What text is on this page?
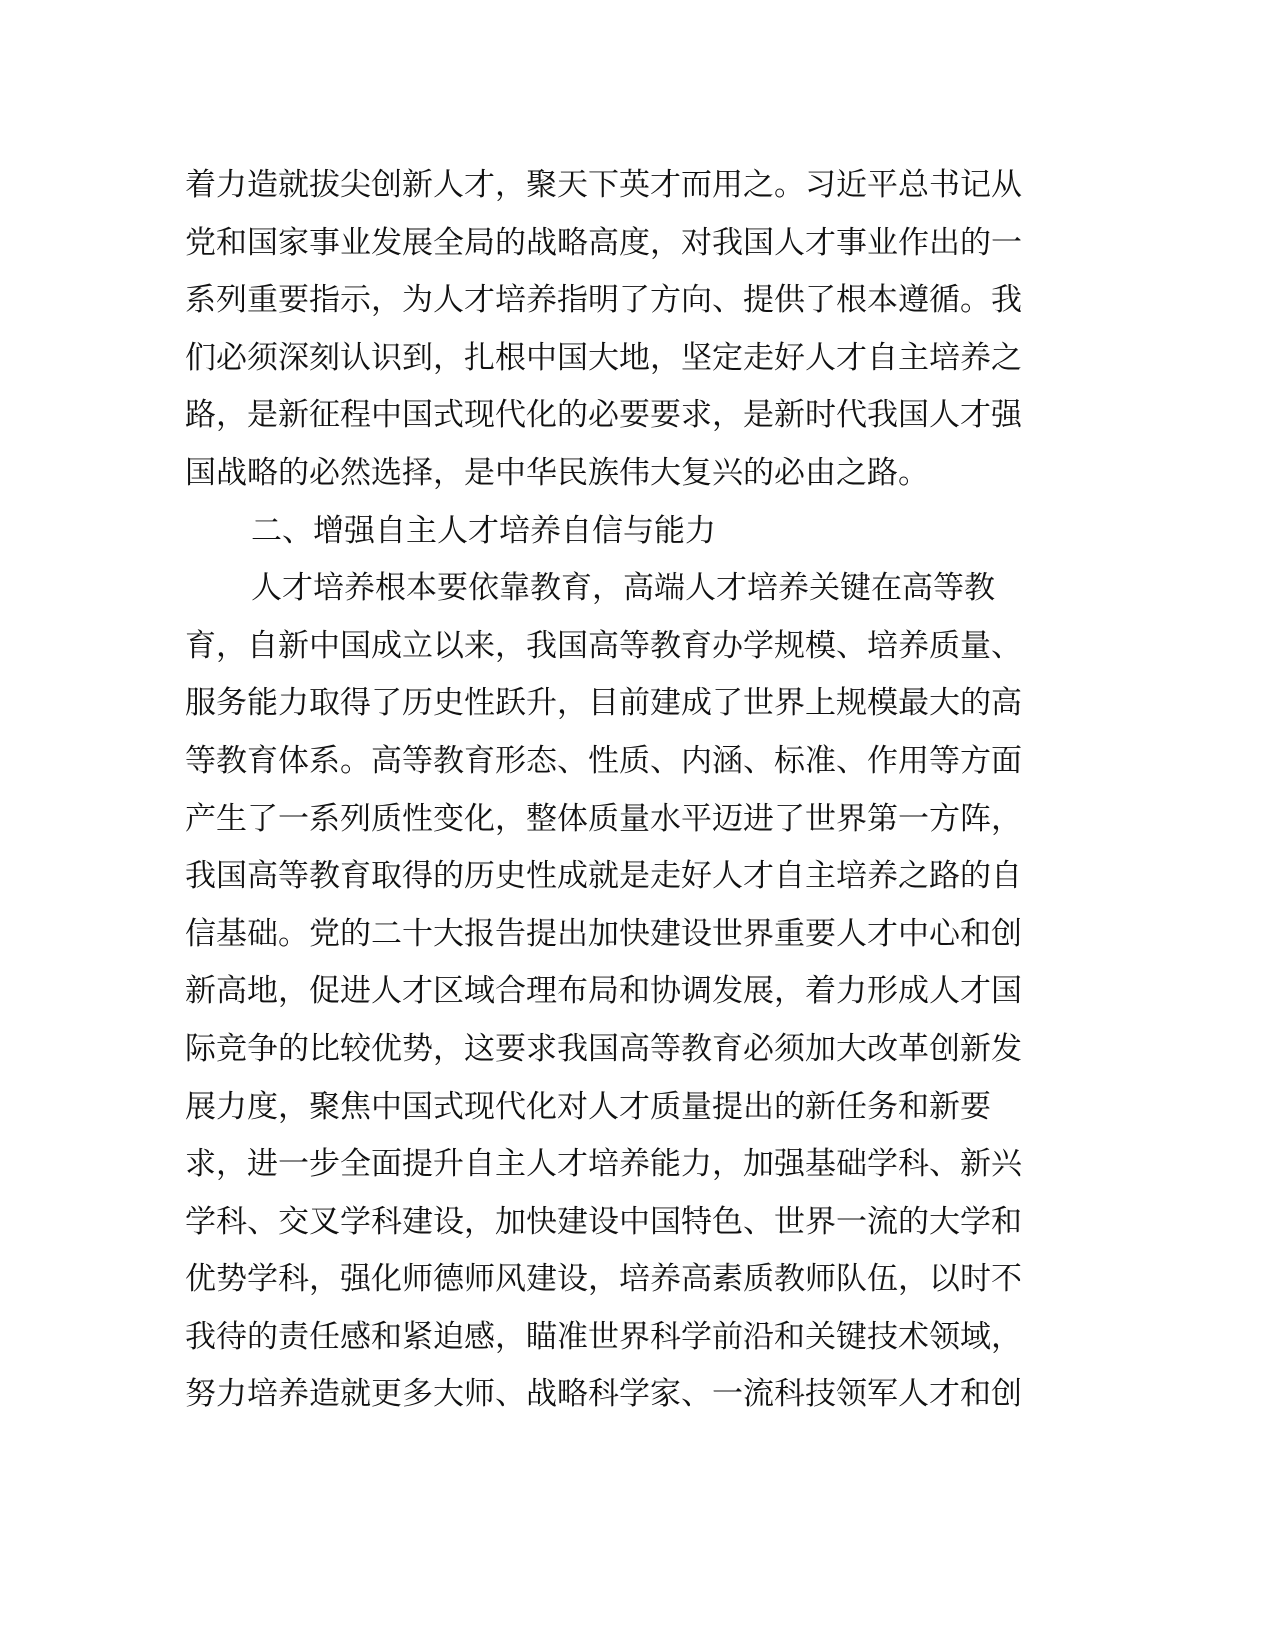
着力造就拔尖创新人才，聚天下英才而用之。习近平总书记从
党和国家事业发展全局的战略高度，对我国人才事业作出的一
系列重要指示，为人才培养指明了方向、提供了根本遵循。我
们必须深刻认识到，扎根中国大地，坚定走好人才自主培养之
路，是新征程中国式现代化的必要要求，是新时代我国人才强
国战略的必然选择，是中华民族伟大复兴的必由之路。
二、增强自主人才培养自信与能力
人才培养根本要依靠教育，高端人才培养关键在高等教
育，自新中国成立以来，我国高等教育办学规模、培养质量、
服务能力取得了历史性跃升，目前建成了世界上规模最大的高
等教育体系。高等教育形态、性质、内涵、标准、作用等方面
产生了一系列质性变化，整体质量水平迈进了世界第一方阵，
我国高等教育取得的历史性成就是走好人才自主培养之路的自
信基础。党的二十大报告提出加快建设世界重要人才中心和创
新高地，促进人才区域合理布局和协调发展，着力形成人才国
际竞争的比较优势，这要求我国高等教育必须加大改革创新发
展力度，聚焦中国式现代化对人才质量提出的新任务和新要
求，进一步全面提升自主人才培养能力，加强基础学科、新兴
学科、交叉学科建设，加快建设中国特色、世界一流的大学和
优势学科，强化师德师风建设，培养高素质教师队伍，以时不
我待的责任感和紧迫感，瞄准世界科学前沿和关键技术领域，
努力培养造就更多大师、战略科学家、一流科技领军人才和创
